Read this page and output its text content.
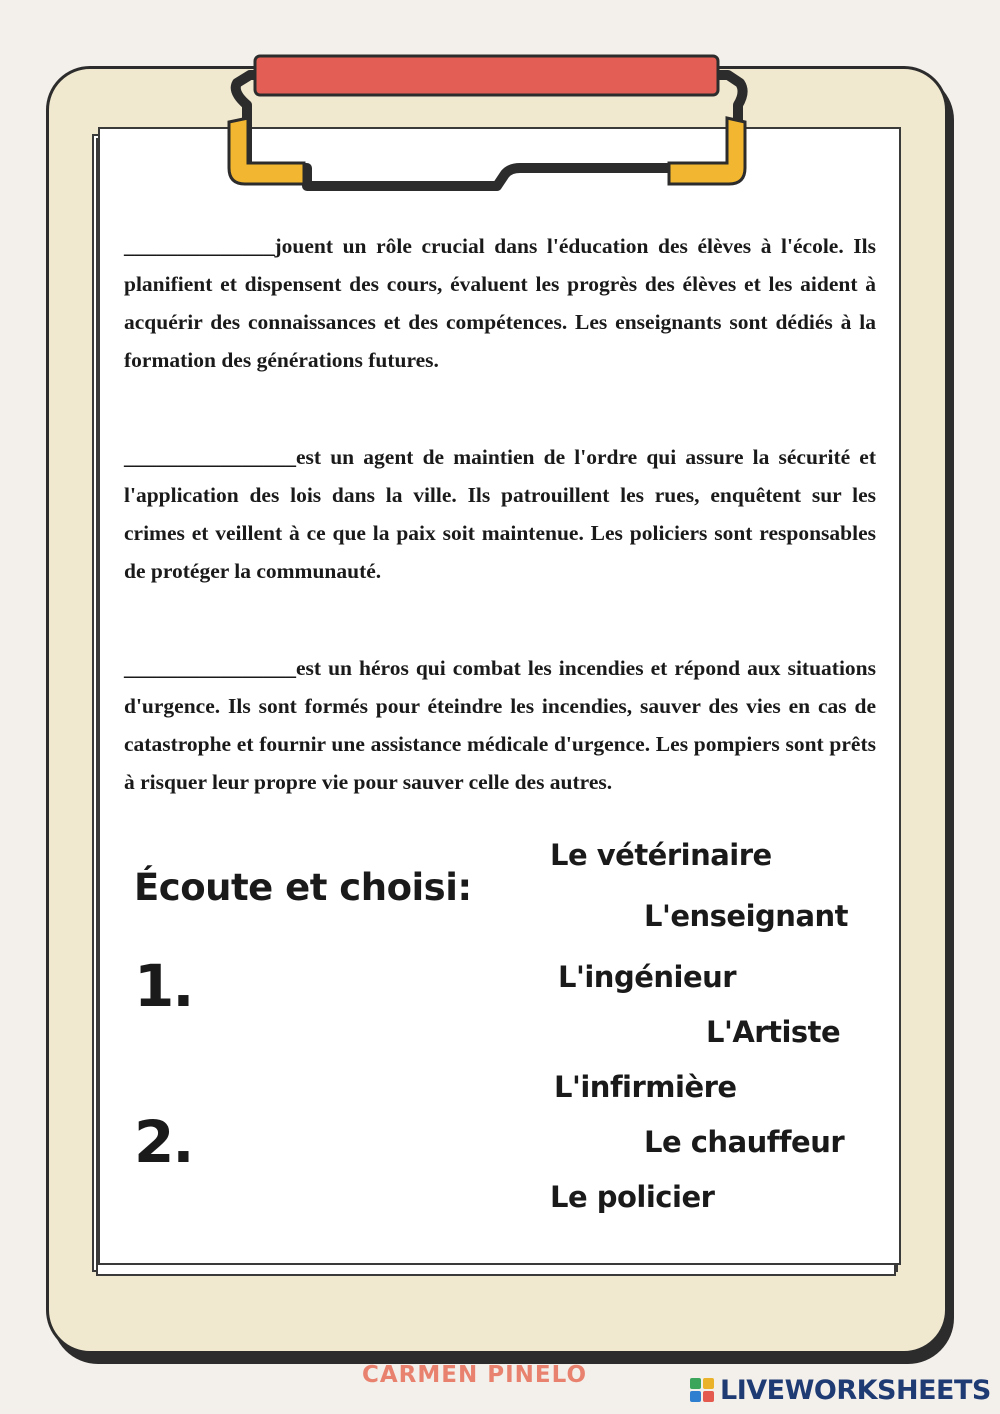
______________jouent un rôle crucial dans l'éducation des élèves à l'école. Ils planifient et dispensent des cours, évaluent les progrès des élèves et les aident à acquérir des connaissances et des compétences. Les enseignants sont dédiés à la formation des générations futures.

________________est un agent de maintien de l'ordre qui assure la sécurité et l'application des lois dans la ville. Ils patrouillent les rues, enquêtent sur les crimes et veillent à ce que la paix soit maintenue. Les policiers sont responsables de protéger la communauté.

________________est un héros qui combat les incendies et répond aux situations d'urgence. Ils sont formés pour éteindre les incendies, sauver des vies en cas de catastrophe et fournir une assistance médicale d'urgence. Les pompiers sont prêts à risquer leur propre vie pour sauver celle des autres.

Écoute et choisi:
1.
2.
Le vétérinaire
L'enseignant
L'ingénieur
L'Artiste
L'infirmière
Le chauffeur
Le policier
CARMEN PINELO	LIVEWORKSHEETS
